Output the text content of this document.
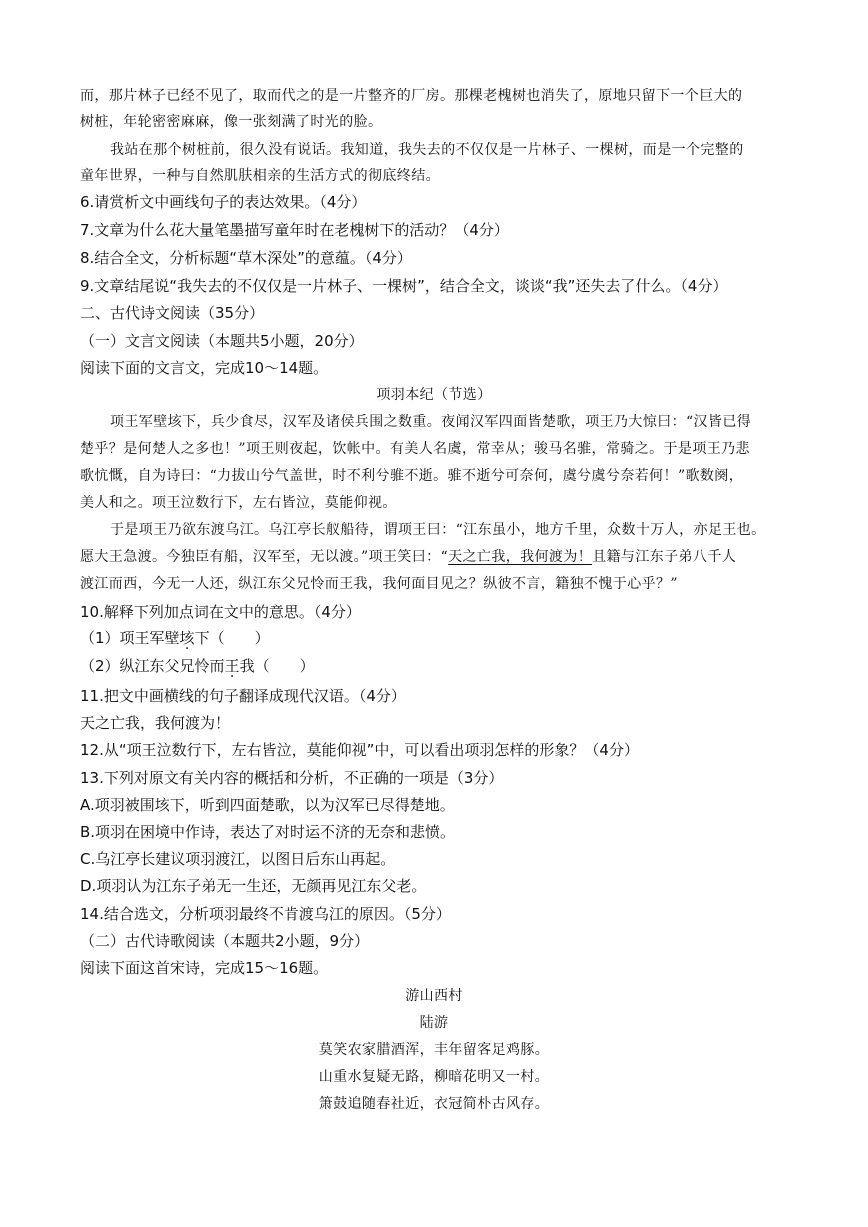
而，那片林子已经不见了，取而代之的是一片整齐的厂房。那棵老槐树也消失了，原地只留下一个巨大的
树桩，年轮密密麻麻，像一张刻满了时光的脸。
我站在那个树桩前，很久没有说话。我知道，我失去的不仅仅是一片林子、一棵树，而是一个完整的
童年世界，一种与自然肌肤相亲的生活方式的彻底终结。
6.请赏析文中画线句子的表达效果。（4分）
7.文章为什么花大量笔墨描写童年时在老槐树下的活动？（4分）
8.结合全文，分析标题“草木深处”的意蕴。（4分）
9.文章结尾说“我失去的不仅仅是一片林子、一棵树”，结合全文，谈谈“我”还失去了什么。（4分）
二、古代诗文阅读（35分）
（一）文言文阅读（本题共5小题，20分）
阅读下面的文言文，完成10～14题。
项羽本纪（节选）
项王军壁垓下，兵少食尽，汉军及诸侯兵围之数重。夜闻汉军四面皆楚歌，项王乃大惊曰：“汉皆已得
楚乎？是何楚人之多也！”项王则夜起，饮帐中。有美人名虞，常幸从；骏马名骓，常骑之。于是项王乃悲
歌忼慨，自为诗曰：“力拔山兮气盖世，时不利兮骓不逝。骓不逝兮可奈何，虞兮虞兮奈若何！”歌数阕，
美人和之。项王泣数行下，左右皆泣，莫能仰视。
于是项王乃欲东渡乌江。乌江亭长舣船待，谓项王曰：“江东虽小，地方千里，众数十万人，亦足王也。
愿大王急渡。今独臣有船，汉军至，无以渡。”项王笑曰：“天之亡我，我何渡为！且籍与江东子弟八千人
渡江而西，今无一人还，纵江东父兄怜而王我，我何面目见之？纵彼不言，籍独不愧于心乎？”
10.解释下列加点词在文中的意思。（4分）
（1）项王军壁垓下（　　）
（2）纵江东父兄怜而王我（　　）
11.把文中画横线的句子翻译成现代汉语。（4分）
天之亡我，我何渡为！
12.从“项王泣数行下，左右皆泣，莫能仰视”中，可以看出项羽怎样的形象？（4分）
13.下列对原文有关内容的概括和分析，不正确的一项是（3分）
A.项羽被围垓下，听到四面楚歌，以为汉军已尽得楚地。
B.项羽在困境中作诗，表达了对时运不济的无奈和悲愤。
C.乌江亭长建议项羽渡江，以图日后东山再起。
D.项羽认为江东子弟无一生还，无颜再见江东父老。
14.结合选文，分析项羽最终不肯渡乌江的原因。（5分）
（二）古代诗歌阅读（本题共2小题，9分）
阅读下面这首宋诗，完成15～16题。
游山西村
陆游
莫笑农家腊酒浑，丰年留客足鸡豚。
山重水复疑无路，柳暗花明又一村。
箫鼓追随春社近，衣冠简朴古风存。
